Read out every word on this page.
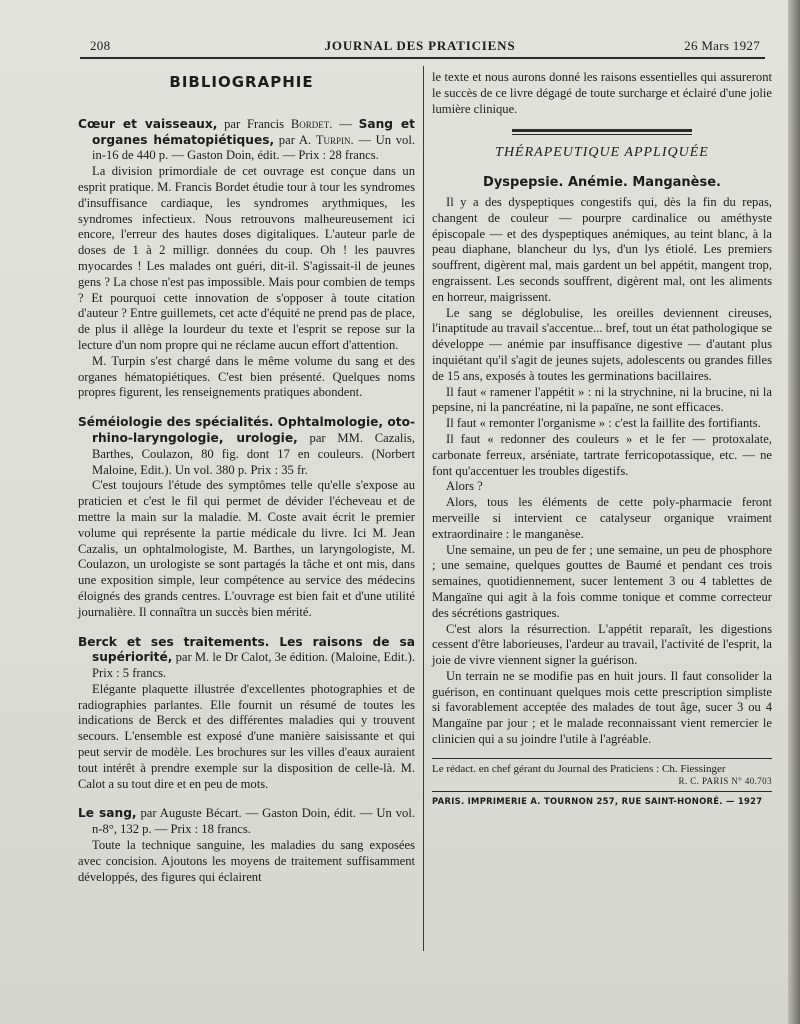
208	JOURNAL DES PRATICIENS	26 Mars 1927
BIBLIOGRAPHIE

Cœur et vaisseaux, par Francis Bordet. — Sang et organes hématopiétiques, par A. Turpin. — Un vol. in-16 de 440 p. — Gaston Doin, édit. — Prix : 28 francs.

La division primordiale de cet ouvrage est conçue dans un esprit pratique. M. Francis Bordet étudie tour à tour les syndromes d'insuffisance cardiaque, les syndromes arythmiques, les syndromes infectieux. Nous retrouvons malheureusement ici encore, l'erreur des hautes doses digitaliques. L'auteur parle de doses de 1 à 2 milligr. données du coup. Oh ! les pauvres myocardes ! Les malades ont guéri, dit-il. S'agissait-il de jeunes gens ? La chose n'est pas impossible. Mais pour combien de temps ? Et pourquoi cette innovation de s'opposer à toute citation d'auteur ? Entre guillemets, cet acte d'équité ne prend pas de place, de plus il allège la lourdeur du texte et l'esprit se repose sur la lecture d'un nom propre qui ne réclame aucun effort d'attention.

M. Turpin s'est chargé dans le même volume du sang et des organes hématopiétiques. C'est bien présenté. Quelques noms propres figurent, les renseignements pratiques abondent.

Séméiologie des spécialités. Ophtalmologie, oto-rhino-laryngologie, urologie, par MM. Cazalis, Barthes, Coulazon, 80 fig. dont 17 en couleurs. (Norbert Maloine, Edit.). Un vol. 380 p. Prix : 35 fr.

C'est toujours l'étude des symptômes telle qu'elle s'expose au praticien et c'est le fil qui permet de dévider l'écheveau et de mettre la main sur la maladie. M. Coste avait écrit le premier volume qui représente la partie médicale du livre. Ici M. Jean Cazalis, un ophtalmologiste, M. Barthes, un laryngologiste, M. Coulazon, un urologiste se sont partagés la tâche et ont mis, dans une exposition simple, leur compétence au service des médecins éloignés des grands centres. L'ouvrage est bien fait et d'une utilité journalière. Il connaîtra un succès bien mérité.

Berck et ses traitements. Les raisons de sa supériorité, par M. le Dr Calot, 3e édition. (Maloine, Edit.). Prix : 5 francs.

Elégante plaquette illustrée d'excellentes photographies et de radiographies parlantes. Elle fournit un résumé de toutes les indications de Berck et des différentes maladies qui y trouvent secours. L'ensemble est exposé d'une manière saisissante et qui peut servir de modèle. Les brochures sur les villes d'eaux auraient tout intérêt à prendre exemple sur la disposition de celle-là. M. Calot a su tout dire et en peu de mots.

Le sang, par Auguste Bécart. — Gaston Doin, édit. — Un vol. n-8°, 132 p. — Prix : 18 francs.

Toute la technique sanguine, les maladies du sang exposées avec concision. Ajoutons les moyens de traitement suffisamment développés, des figures qui éclairent

le texte et nous aurons donné les raisons essentielles qui assureront le succès de ce livre dégagé de toute surcharge et éclairé d'une jolie lumière clinique.

THÉRAPEUTIQUE APPLIQUÉE
Dyspepsie. Anémie. Manganèse.

Il y a des dyspeptiques congestifs qui, dès la fin du repas, changent de couleur — pourpre cardinalice ou améthyste épiscopale — et des dyspeptiques anémiques, au teint blanc, à la peau diaphane, blancheur du lys, d'un lys étiolé. Les premiers souffrent, digèrent mal, mais gardent un bel appétit, mangent trop, engraissent. Les seconds souffrent, digèrent mal, ont les aliments en horreur, maigrissent.

Le sang se déglobulise, les oreilles deviennent cireuses, l'inaptitude au travail s'accentue... bref, tout un état pathologique se développe — anémie par insuffisance digestive — d'autant plus inquiétant qu'il s'agit de jeunes sujets, adolescents ou grandes filles de 15 ans, exposés à toutes les germinations bacillaires.

Il faut « ramener l'appétit » : ni la strychnine, ni la brucine, ni la pepsine, ni la pancréatine, ni la papaïne, ne sont efficaces.

Il faut « remonter l'organisme » : c'est la faillite des fortifiants.

Il faut « redonner des couleurs » et le fer — protoxalate, carbonate ferreux, arséniate, tartrate ferricopotassique, etc. — ne font qu'accentuer les troubles digestifs.

Alors ?

Alors, tous les éléments de cette poly-pharmacie feront merveille si intervient ce catalyseur organique vraiment extraordinaire : le manganèse.

Une semaine, un peu de fer ; une semaine, un peu de phosphore ; une semaine, quelques gouttes de Baumé et pendant ces trois semaines, quotidiennement, sucer lentement 3 ou 4 tablettes de Mangaïne qui agit à la fois comme tonique et comme correcteur des sécrétions gastriques.

C'est alors la résurrection. L'appétit reparaît, les digestions cessent d'être laborieuses, l'ardeur au travail, l'activité de l'esprit, la joie de vivre viennent signer la guérison.

Un terrain ne se modifie pas en huit jours. Il faut consolider la guérison, en continuant quelques mois cette prescription simpliste si favorablement acceptée des malades de tout âge, sucer 3 ou 4 Mangaïne par jour ; et le malade reconnaissant vient remercier le clinicien qui a su joindre l'utile à l'agréable.

Le rédact. en chef gérant du Journal des Praticiens : Ch. Fiessinger
R. C. PARIS N° 40.703
PARIS. IMPRIMERIE A. TOURNON 257, RUE SAINT-HONORÉ. — 1927
